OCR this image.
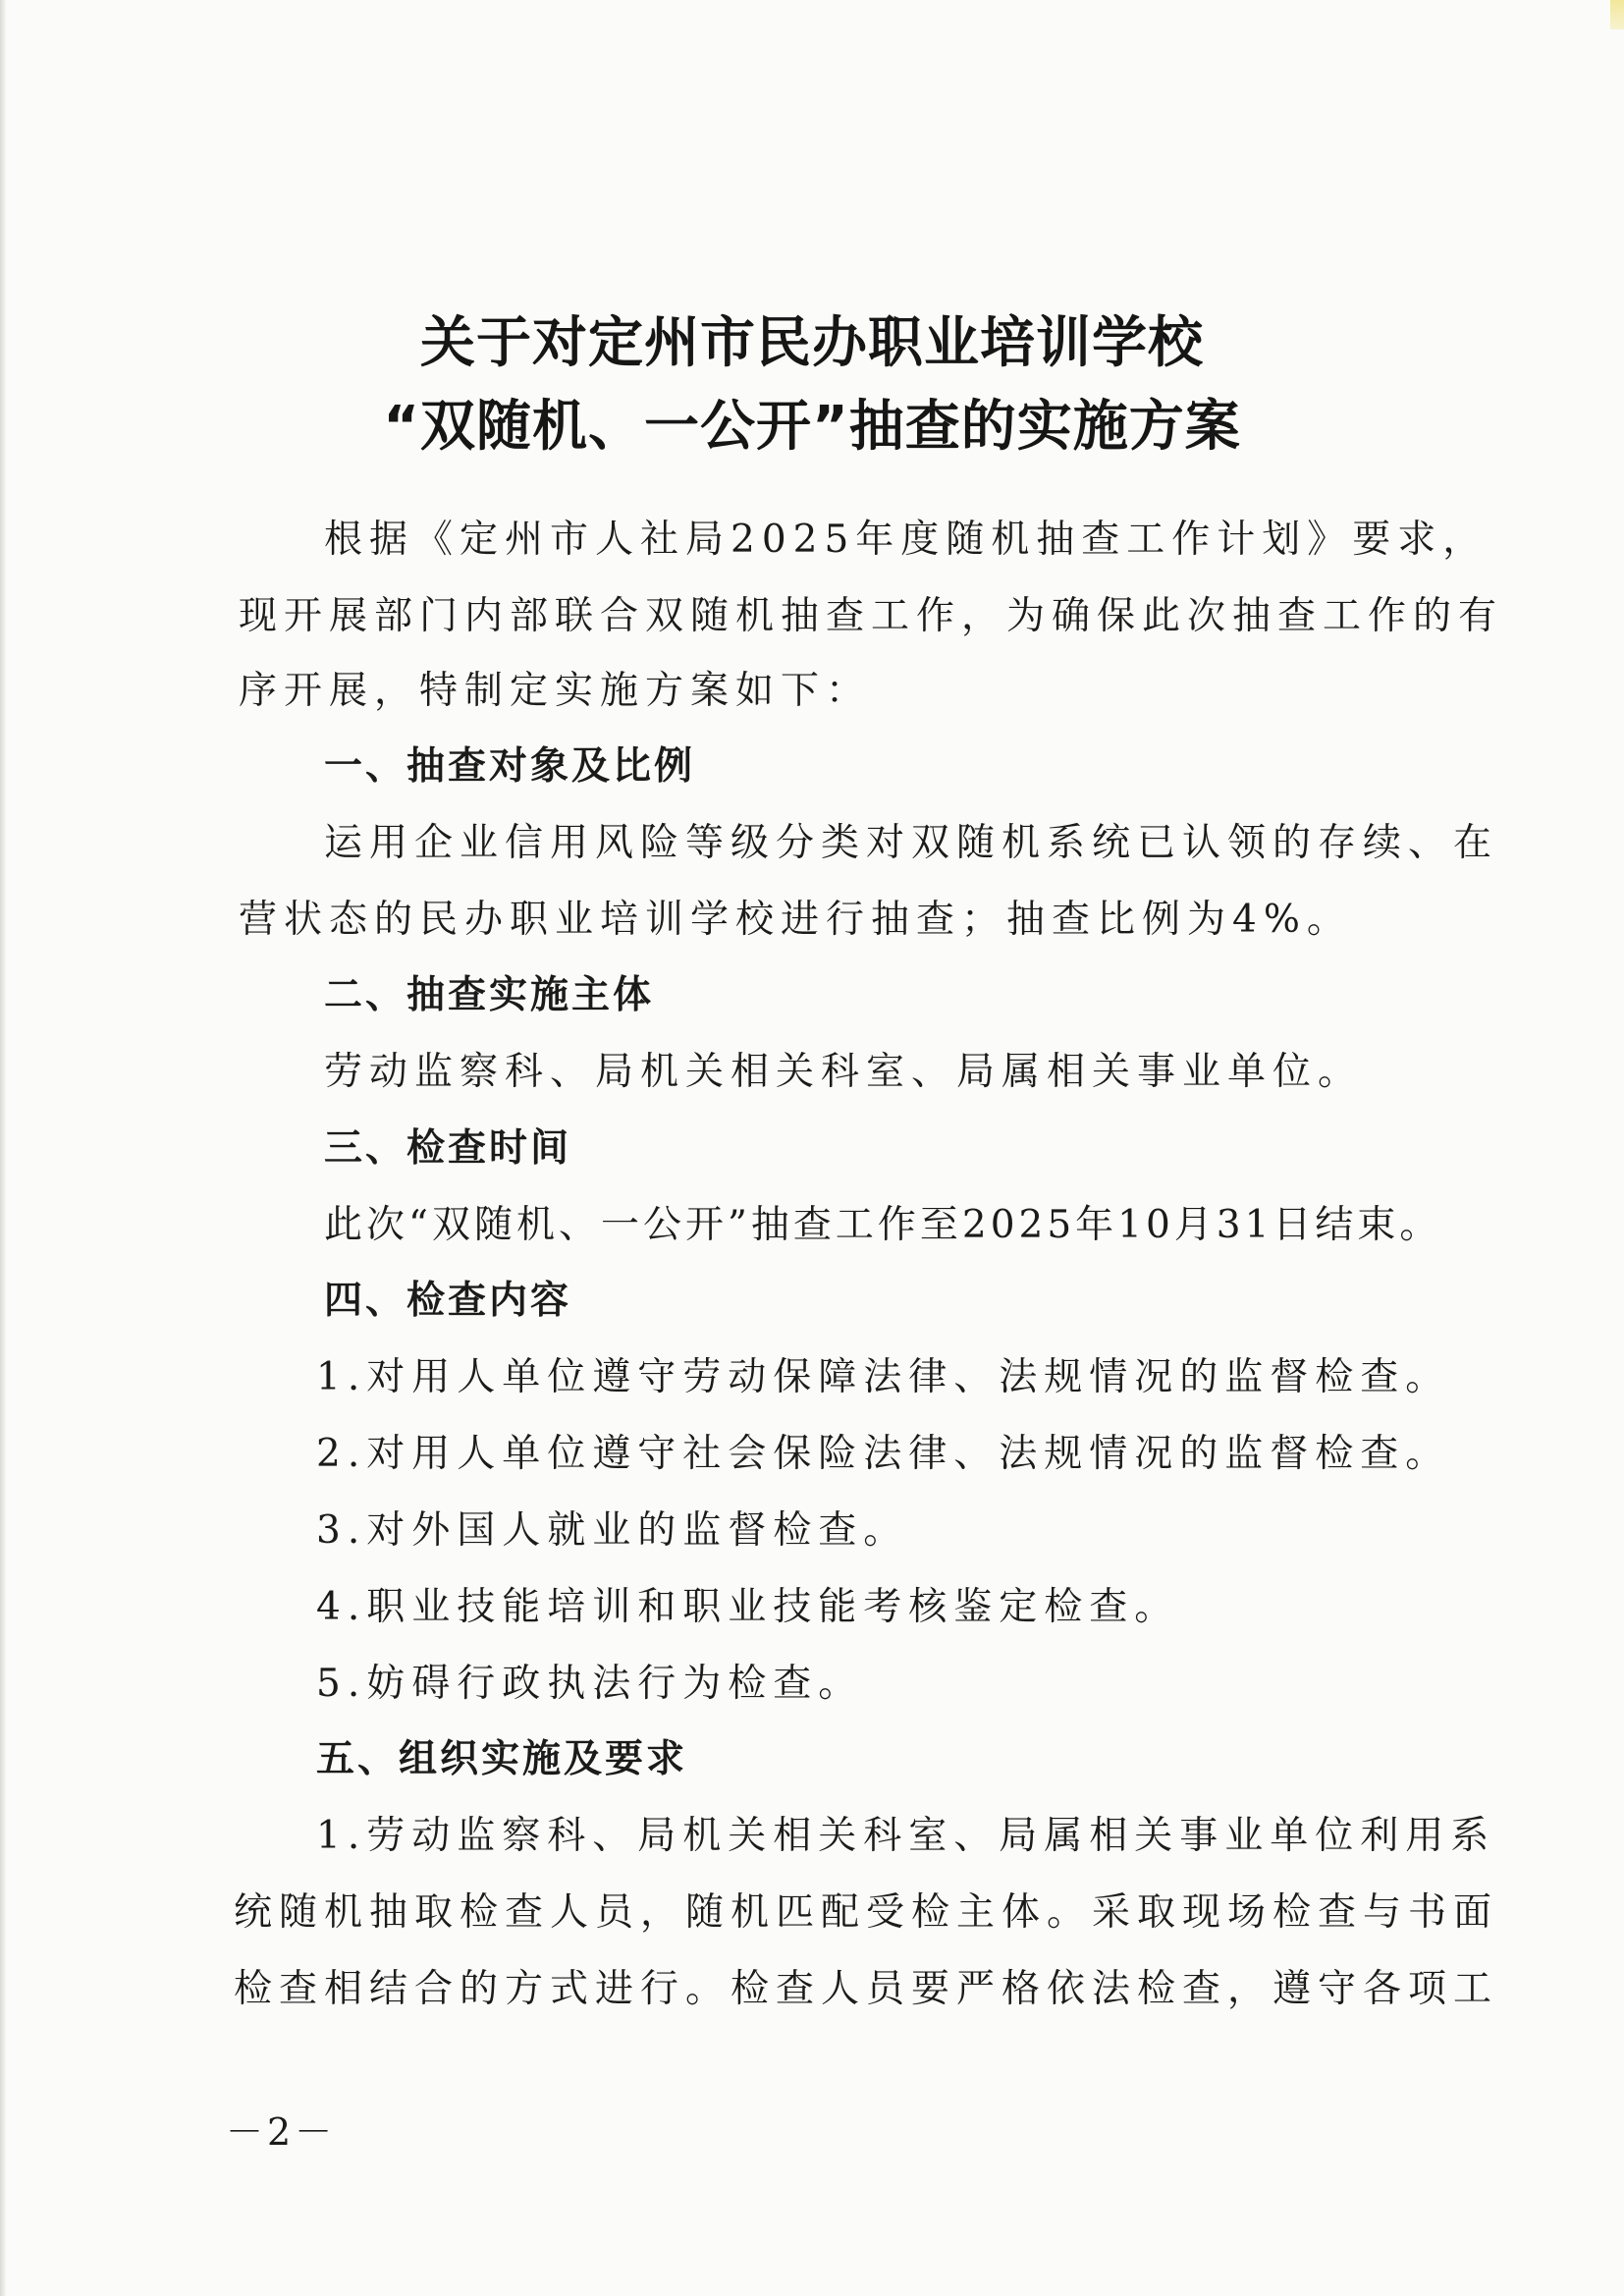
关于对定州市民办职业培训学校
“双随机、一公开”抽查的实施方案

根据《定州市人社局2025年度随机抽查工作计划》要求，

现开展部门内部联合双随机抽查工作，为确保此次抽查工作的有

序开展，特制定实施方案如下：

一、抽查对象及比例

运用企业信用风险等级分类对双随机系统已认领的存续、在

营状态的民办职业培训学校进行抽查；抽查比例为4%。

二、抽查实施主体

劳动监察科、局机关相关科室、局属相关事业单位。

三、检查时间

此次“双随机、一公开”抽查工作至2025年10月31日结束。

四、检查内容

1.对用人单位遵守劳动保障法律、法规情况的监督检查。

2.对用人单位遵守社会保险法律、法规情况的监督检查。

3.对外国人就业的监督检查。

4.职业技能培训和职业技能考核鉴定检查。

5.妨碍行政执法行为检查。

五、组织实施及要求

1.劳动监察科、局机关相关科室、局属相关事业单位利用系

统随机抽取检查人员，随机匹配受检主体。采取现场检查与书面

检查相结合的方式进行。检查人员要严格依法检查，遵守各项工

－2－
